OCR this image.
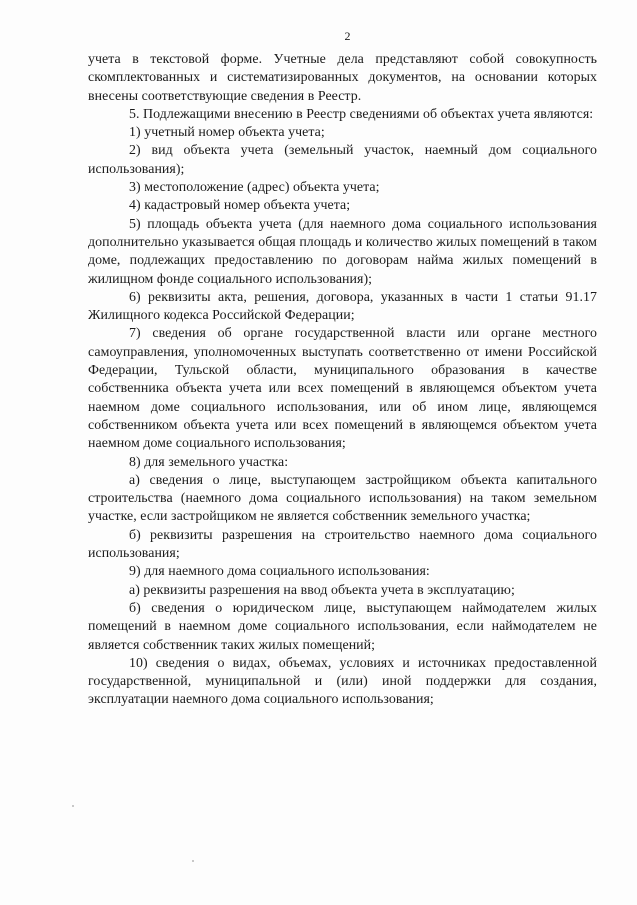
2

учета в текстовой форме. Учетные дела представляют собой совокупность скомплектованных и систематизированных документов, на основании которых внесены соответствующие сведения в Реестр.

5. Подлежащими внесению в Реестр сведениями об объектах учета являются:

1) учетный номер объекта учета;

2) вид объекта учета (земельный участок, наемный дом социального использования);

3) местоположение (адрес) объекта учета;

4) кадастровый номер объекта учета;

5) площадь объекта учета (для наемного дома социального использования дополнительно указывается общая площадь и количество жилых помещений в таком доме, подлежащих предоставлению по договорам найма жилых помещений в жилищном фонде социального использования);

6) реквизиты акта, решения, договора, указанных в части 1 статьи 91.17 Жилищного кодекса Российской Федерации;

7) сведения об органе государственной власти или органе местного самоуправления, уполномоченных выступать соответственно от имени Российской Федерации, Тульской области, муниципального образования в качестве собственника объекта учета или всех помещений в являющемся объектом учета наемном доме социального использования, или об ином лице, являющемся собственником объекта учета или всех помещений в являющемся объектом учета наемном доме социального использования;

8) для земельного участка:

а) сведения о лице, выступающем застройщиком объекта капитального строительства (наемного дома социального использования) на таком земельном участке, если застройщиком не является собственник земельного участка;

б) реквизиты разрешения на строительство наемного дома социального использования;

9) для наемного дома социального использования:

а) реквизиты разрешения на ввод объекта учета в эксплуатацию;

б) сведения о юридическом лице, выступающем наймодателем жилых помещений в наемном доме социального использования, если наймодателем не является собственник таких жилых помещений;

10) сведения о видах, объемах, условиях и источниках предоставленной государственной, муниципальной и (или) иной поддержки для создания, эксплуатации наемного дома социального использования;
